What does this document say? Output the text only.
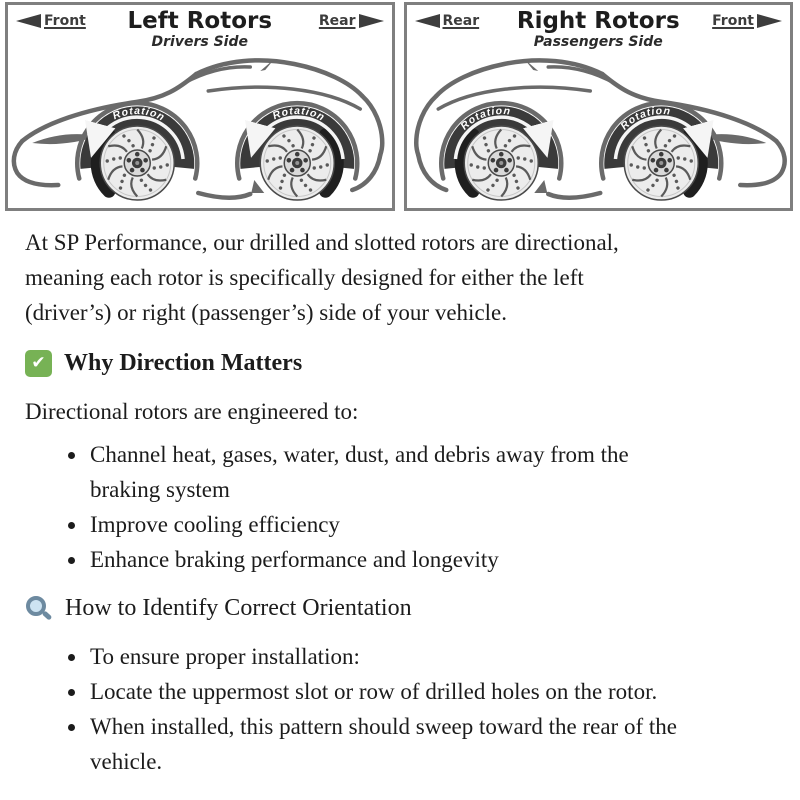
Front	Left Rotors
Drivers Side
Rear
Rotation	Rotation
Rear	Right Rotors
Passengers Side
Front
Rotation
Rotation

At SP Performance, our drilled and slotted rotors are directional,
meaning each rotor is specifically designed for either the left
(driver’s) or right (passenger’s) side of your vehicle.

✔
Why Direction Matters

Directional rotors are engineered to:

• Channel heat, gases, water, dust, and debris away from the
braking system
• Improve cooling efficiency
• Enhance braking performance and longevity
How to Identify Correct Orientation
• To ensure proper installation:
• Locate the uppermost slot or row of drilled holes on the rotor.
• When installed, this pattern should sweep toward the rear of the
vehicle.
